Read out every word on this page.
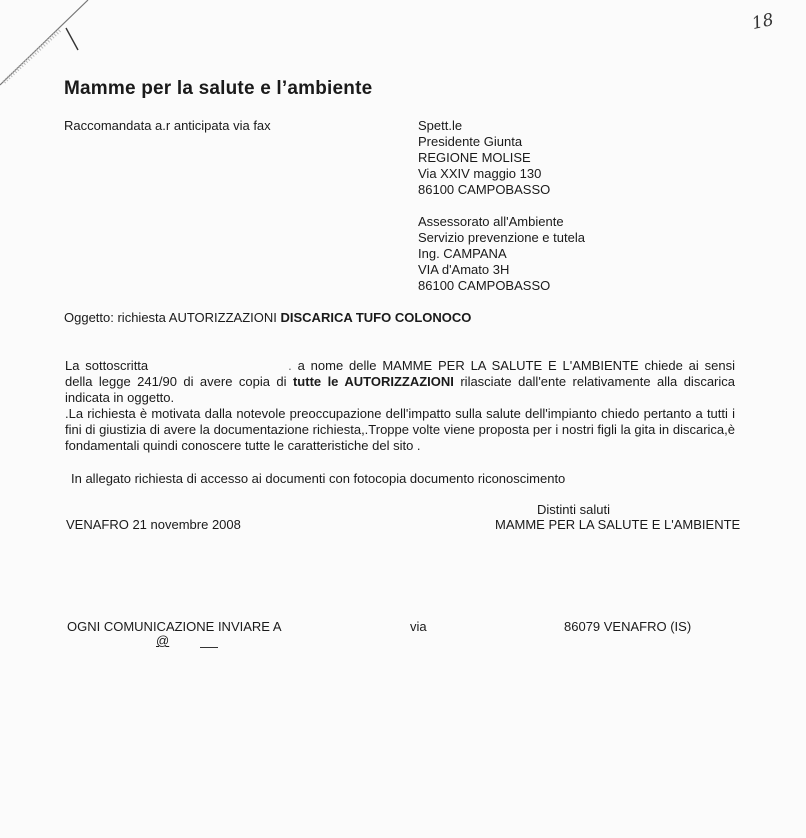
18
Mamme per la salute e l’ambiente
Raccomandata a.r anticipata via fax	Spett.le
Presidente Giunta
REGIONE MOLISE
Via XXIV maggio 130
86100 CAMPOBASSO
Assessorato all'Ambiente
Servizio prevenzione e tutela
Ing. CAMPANA
VIA d'Amato 3H
86100 CAMPOBASSO
Oggetto: richiesta AUTORIZZAZIONI DISCARICA TUFO COLONOCO
La sottoscritta	. a nome delle MAMME PER LA SALUTE E L'AMBIENTE chiede ai sensi della legge 241/90 di avere copia di tutte le AUTORIZZAZIONI rilasciate dall'ente relativamente alla discarica indicata in oggetto.
.La richiesta è motivata dalla notevole preoccupazione dell'impatto sulla salute dell'impianto chiedo pertanto a tutti i fini di giustizia di avere la documentazione richiesta,.Troppe volte viene proposta per i nostri figli la gita in discarica,è fondamentali quindi conoscere tutte le caratteristiche del sito .
In allegato richiesta di accesso ai documenti con fotocopia documento riconoscimento
Distinti saluti
MAMME PER LA SALUTE E L'AMBIENTE
VENAFRO 21 novembre 2008
OGNI COMUNICAZIONE INVIARE A	via	86079 VENAFRO (IS)
@
